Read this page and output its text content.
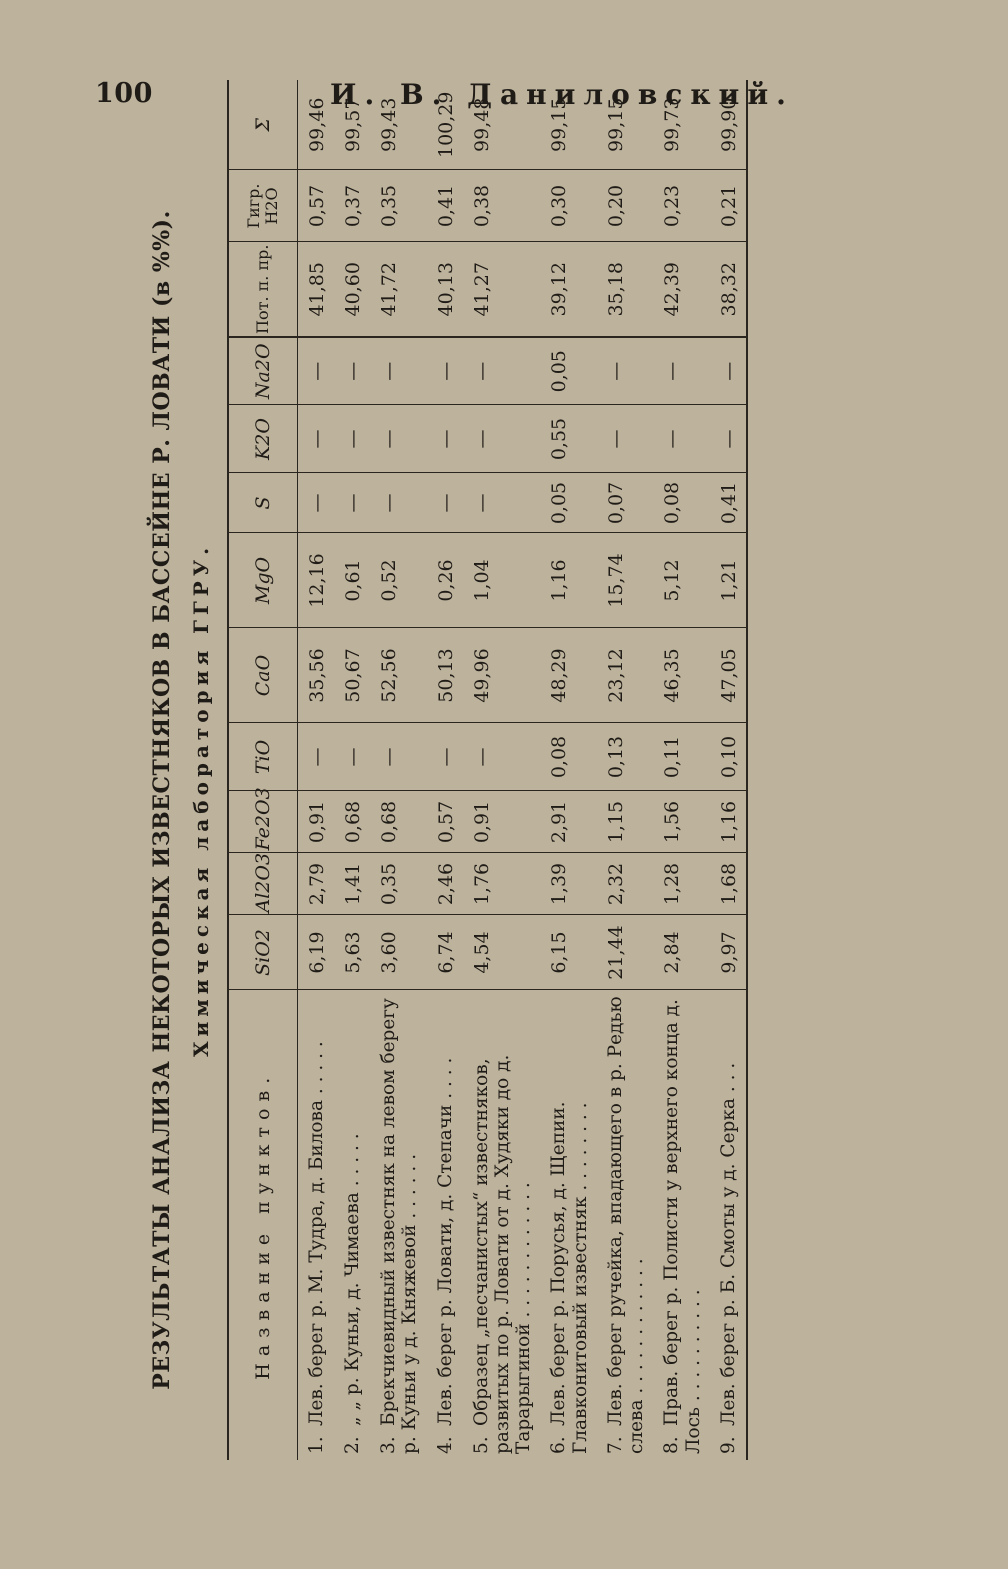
100	И. В. Даниловский.
РЕЗУЛЬТАТЫ АНАЛИЗА НЕКОТОРЫХ ИЗВЕСТНЯКОВ В БАССЕЙНЕ Р. ЛОВАТИ (в %%). Химическая лаборатория ГГРУ.
Название пунктов.	SiO2	Al2O3	Fe2O3	TiO	CaO	MgO	S	K2O	Na2O	Пот. п. пр.	Гигр. H2O	Σ
1.Лев. берег р. М. Тудра, д. Билова . . . . .	6,19	2,79	0,91	—	35,56	12,16	—	—	—	41,85	0,57	99,46
2.„ „ р. Куньи, д. Чимаева . . . . .	5,63	1,41	0,68	—	50,67	0,61	—	—	—	40,60	0,37	99,57
3.Брекчиевидный известняк на левом берегу р. Куньи у д. Княжевой . . . . . .	3,60	0,35	0,68	—	52,56	0,52	—	—	—	41,72	0,35	99,43
4.Лев. берег р. Ловати, д. Степачи . . . .	6,74	2,46	0,57	—	50,13	0,26	—	—	—	40,13	0,41	100,29
5.Образец „песчанистых“ известняков, развитых по р. Ловати от д. Худяки до д. Тарарыгиной . . . . . . . . . . . .	4,54	1,76	0,91	—	49,96	1,04	—	—	—	41,27	0,38	99,48
6.Лев. берег р. Порусья, д. Щепии. Главконитовый известняк . . . . . . . .	6,15	1,39	2,91	0,08	48,29	1,16	0,05	0,55	0,05	39,12	0,30	99,15
7.Лев. берег ручейка, впадающего в р. Редью слева . . . . . . . . . . . .	21,44	2,32	1,15	0,13	23,12	15,74	0,07	—	—	35,18	0,20	99,15
8.Прав. берег р. Полисти у верхнего конца д. Лось . . . . . . . . . .	2,84	1,28	1,56	0,11	46,35	5,12	0,08	—	—	42,39	0,23	99,73
9.Лев. берег р. Б. Смоты у д. Серка . . .	9,97	1,68	1,16	0,10	47,05	1,21	0,41	—	—	38,32	0,21	99,90
